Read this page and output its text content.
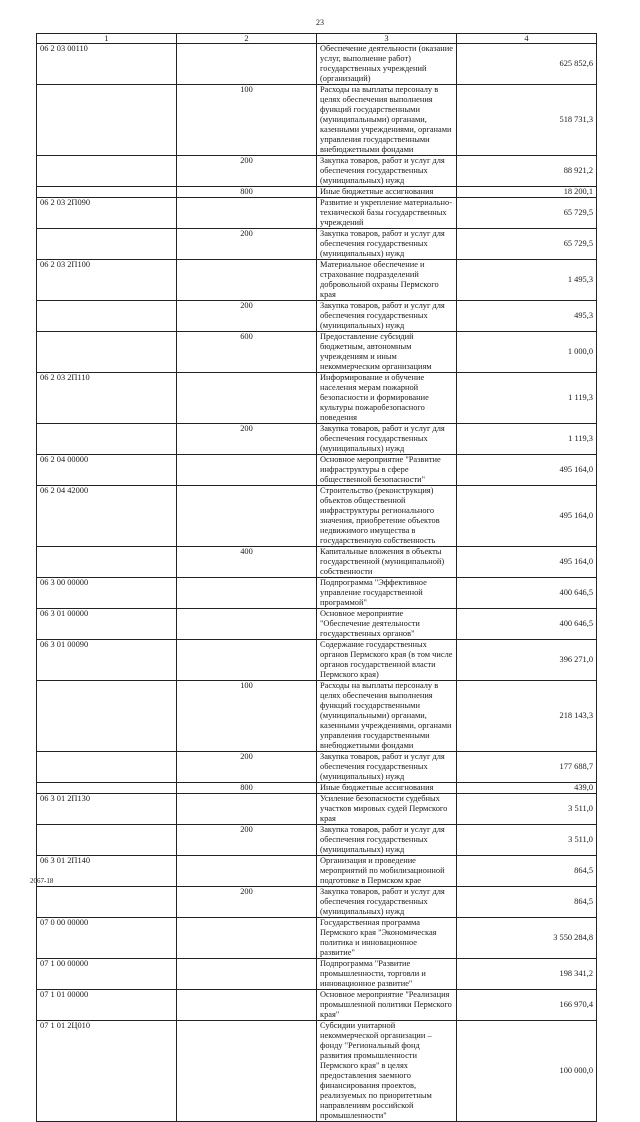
23
1	2	3	4
06 2 03 00110		Обеспечение деятельности (оказание услуг, выполнение работ) государственных учреждений (организаций)	625 852,6
	100	Расходы на выплаты персоналу в целях обеспечения выполнения функций государственными (муниципальными) органами, казенными учреждениями, органами управления государственными внебюджетными фондами	518 731,3
	200	Закупка товаров, работ и услуг для обеспечения государственных (муниципальных) нужд	88 921,2
	800	Иные бюджетные ассигнования	18 200,1
06 2 03 2П090		Развитие и укрепление материально-технической базы государственных учреждений	65 729,5
	200	Закупка товаров, работ и услуг для обеспечения государственных (муниципальных) нужд	65 729,5
06 2 03 2П100		Материальное обеспечение и страхование подразделений добровольной охраны Пермского края	1 495,3
	200	Закупка товаров, работ и услуг для обеспечения государственных (муниципальных) нужд	495,3
	600	Предоставление субсидий бюджетным, автономным учреждениям и иным некоммерческим организациям	1 000,0
06 2 03 2П110		Информирование и обучение населения мерам пожарной безопасности и формирование культуры пожаробезопасного поведения	1 119,3
	200	Закупка товаров, работ и услуг для обеспечения государственных (муниципальных) нужд	1 119,3
06 2 04 00000		Основное мероприятие "Развитие инфраструктуры в сфере общественной безопасности"	495 164,0
06 2 04 42000		Строительство (реконструкция) объектов общественной инфраструктуры регионального значения, приобретение объектов недвижимого имущества в государственную собственность	495 164,0
	400	Капитальные вложения в объекты государственной (муниципальной) собственности	495 164,0
06 3 00 00000		Подпрограмма "Эффективное управление государственной программой"	400 646,5
06 3 01 00000		Основное мероприятие "Обеспечение деятельности государственных органов"	400 646,5
06 3 01 00090		Содержание государственных органов Пермского края (в том числе органов государственной власти Пермского края)	396 271,0
	100	Расходы на выплаты персоналу в целях обеспечения выполнения функций государственными (муниципальными) органами, казенными учреждениями, органами управления государственными внебюджетными фондами	218 143,3
	200	Закупка товаров, работ и услуг для обеспечения государственных (муниципальных) нужд	177 688,7
	800	Иные бюджетные ассигнования	439,0
06 3 01 2П130		Усиление безопасности судебных участков мировых судей Пермского края	3 511,0
	200	Закупка товаров, работ и услуг для обеспечения государственных (муниципальных) нужд	3 511,0
06 3 01 2П140		Организация и проведение мероприятий по мобилизационной подготовке в Пермском крае	864,5
	200	Закупка товаров, работ и услуг для обеспечения государственных (муниципальных) нужд	864,5
07 0 00 00000		Государственная программа Пермского края "Экономическая политика и инновационное развитие"	3 550 284,8
07 1 00 00000		Подпрограмма "Развитие промышленности, торговли и инновационное развитие"	198 341,2
07 1 01 00000		Основное мероприятие "Реализация промышленной политики Пермского края"	166 970,4
07 1 01 2Ц010		Субсидии унитарной некоммерческой организации – фонду "Региональный фонд развития промышленности Пермского края" в целях предоставления заемного финансирования проектов, реализуемых по приоритетным направлениям российской промышленности"	100 000,0
2067-18
